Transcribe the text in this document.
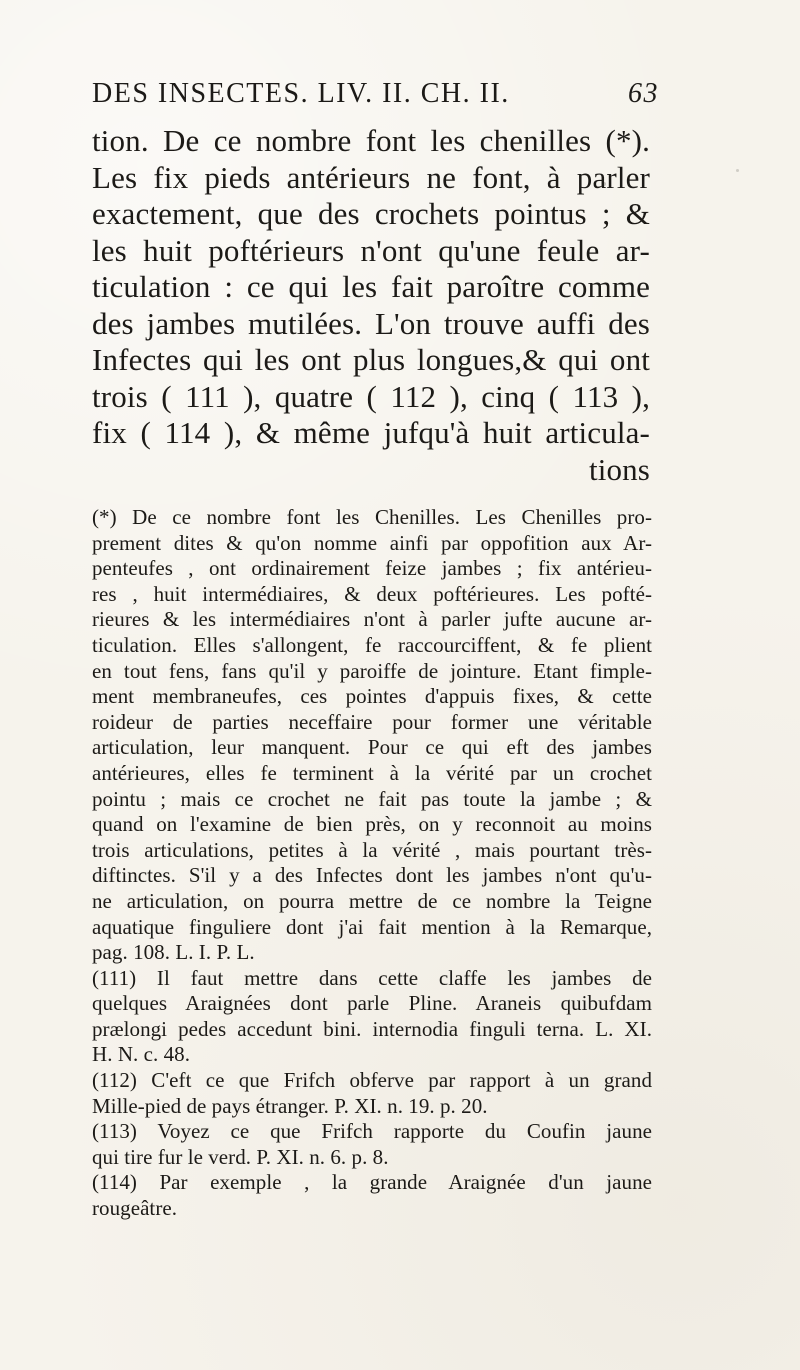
DES INSECTES. LIV. II. CH. II.	63
tion. De ce nombre font les chenilles (*).
Les fix pieds antérieurs ne font, à parler
exactement, que des crochets pointus ; &
les huit poftérieurs n'ont qu'une feule ar-
ticulation : ce qui les fait paroître comme
des jambes mutilées. L'on trouve auffi des
Infectes qui les ont plus longues,& qui ont
trois ( 111 ), quatre ( 112 ), cinq ( 113 ),
fix ( 114 ), & même jufqu'à huit articula-
tions
(*) De ce nombre font les Chenilles. Les Chenilles pro-
prement dites & qu'on nomme ainfi par oppofition aux Ar-
penteufes , ont ordinairement feize jambes ; fix antérieu-
res , huit intermédiaires, & deux poftérieures. Les pofté-
rieures & les intermédiaires n'ont à parler jufte aucune ar-
ticulation. Elles s'allongent, fe raccourciffent, & fe plient
en tout fens, fans qu'il y paroiffe de jointure. Etant fimple-
ment membraneufes, ces pointes d'appuis fixes, & cette
roideur de parties neceffaire pour former une véritable
articulation, leur manquent. Pour ce qui eft des jambes
antérieures, elles fe terminent à la vérité par un crochet
pointu ; mais ce crochet ne fait pas toute la jambe ; &
quand on l'examine de bien près, on y reconnoit au moins
trois articulations, petites à la vérité , mais pourtant très-
diftinctes. S'il y a des Infectes dont les jambes n'ont qu'u-
ne articulation, on pourra mettre de ce nombre la Teigne
aquatique finguliere dont j'ai fait mention à la Remarque,
pag. 108. L. I. P. L.
(111) Il faut mettre dans cette claffe les jambes de
quelques Araignées dont parle Pline. Araneis quibufdam
prælongi pedes accedunt bini. internodia finguli terna. L. XI.
H. N. c. 48.
(112) C'eft ce que Frifch obferve par rapport à un grand
Mille-pied de pays étranger. P. XI. n. 19. p. 20.
(113) Voyez ce que Frifch rapporte du Coufin jaune
qui tire fur le verd. P. XI. n. 6. p. 8.
(114) Par exemple , la grande Araignée d'un jaune
rougeâtre.
